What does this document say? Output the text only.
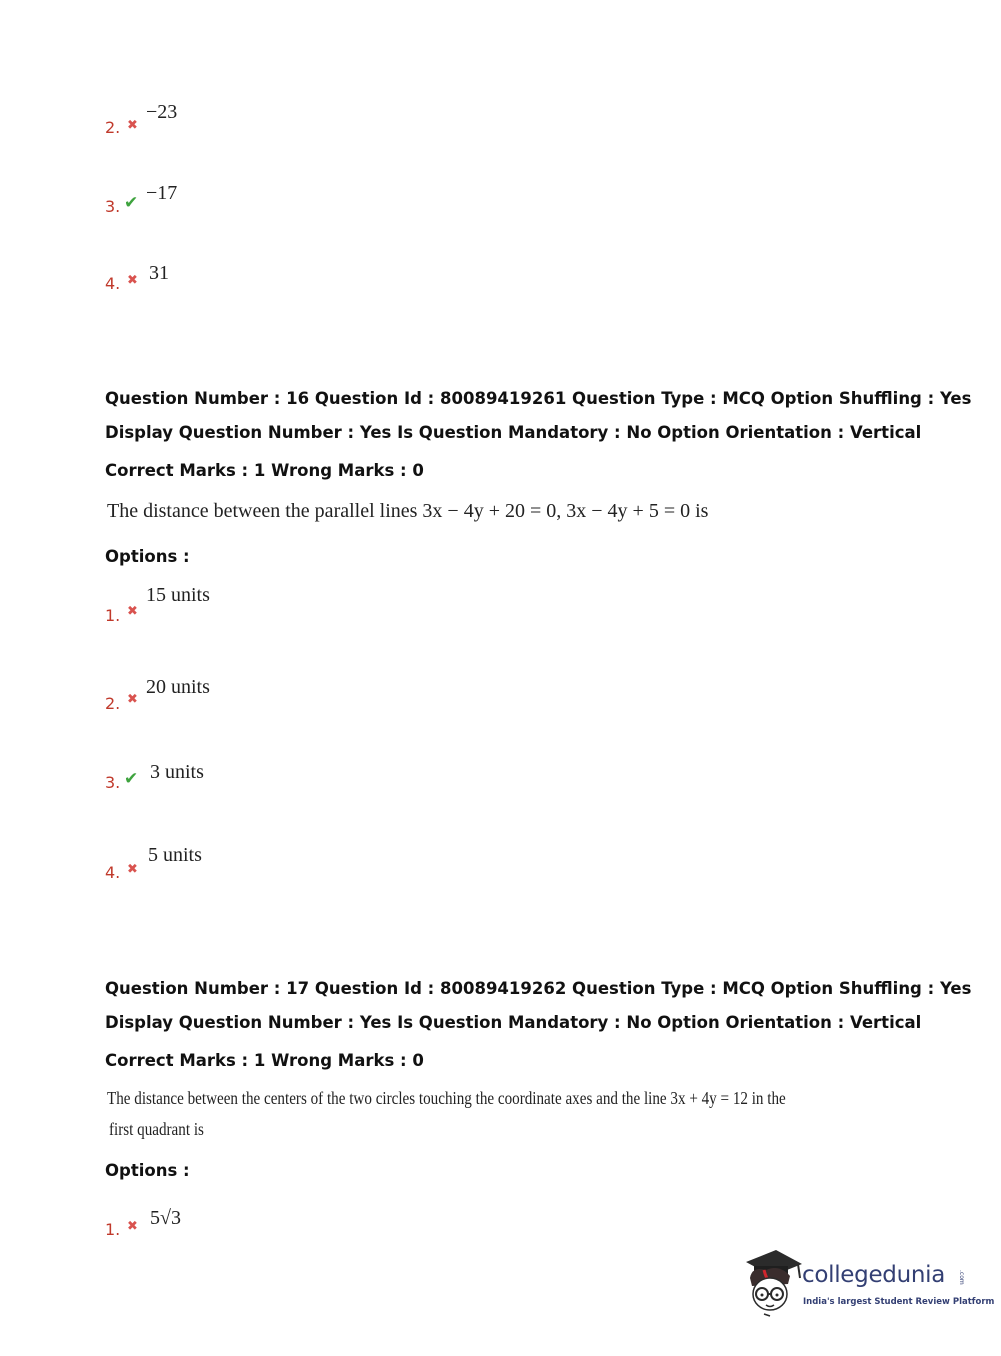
2. ✖
−23
3. ✔ −17
4. ✖ 31
Question Number : 16 Question Id : 80089419261 Question Type : MCQ Option Shuffling : Yes
Display Question Number : Yes Is Question Mandatory : No Option Orientation : Vertical
Correct Marks : 1 Wrong Marks : 0
The distance between the parallel lines 3x − 4y + 20 = 0, 3x − 4y + 5 = 0 is
Options :
1. ✖
15 units
2. ✖
20 units
3. ✔ 3 units
4. ✖
5 units
Question Number : 17 Question Id : 80089419262 Question Type : MCQ Option Shuffling : Yes
Display Question Number : Yes Is Question Mandatory : No Option Orientation : Vertical
Correct Marks : 1 Wrong Marks : 0
The distance between the centers of the two circles touching the coordinate axes and the line 3x + 4y = 12 in the
first quadrant is
Options :
1. ✖ 5√3
collegedunia .com
India's largest Student Review Platform
